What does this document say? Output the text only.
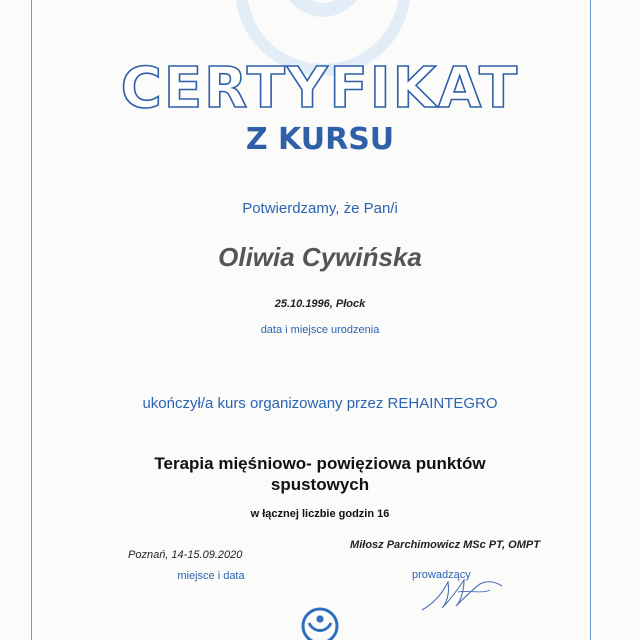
CERTYFIKAT
Z KURSU
Potwierdzamy, że Pan/i
Oliwia Cywińska
25.10.1996, Płock
data i miejsce urodzenia
ukończył/a kurs organizowany przez REHAINTEGRO
Terapia mięśniowo- powięziowa punktów
spustowych
w łącznej liczbie godzin 16
Poznań, 14-15.09.2020
miejsce i data
Miłosz Parchimowicz MSc PT, OMPT
prowadzący
